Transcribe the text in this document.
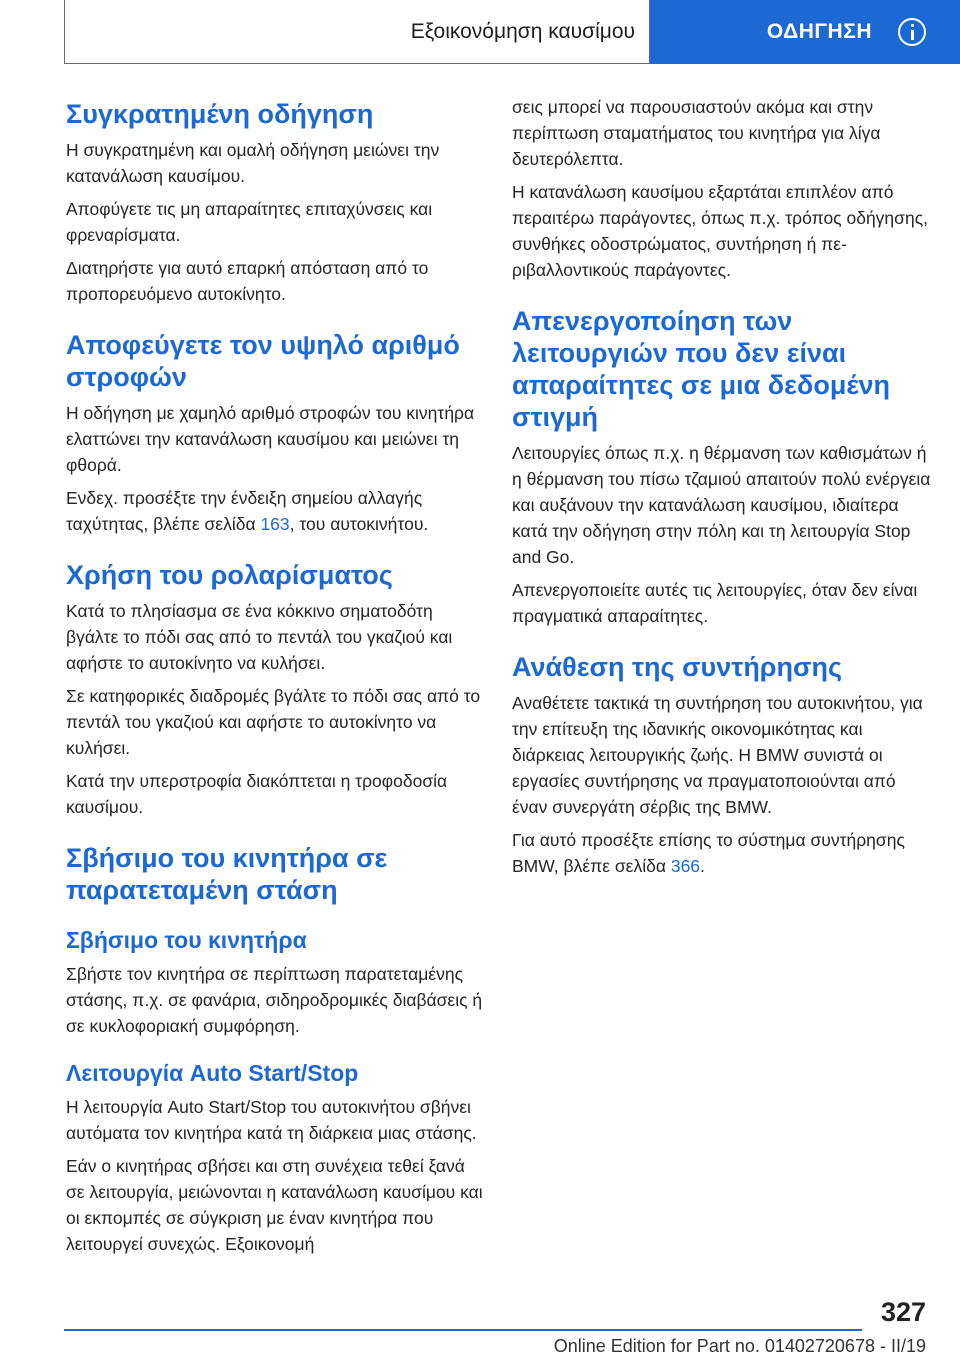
Εξοικονόμηση καυσίμου	ΟΔΗΓΗΣΗ
Συγκρατημένη οδήγηση

Η συγκρατημένη και ομαλή οδήγηση μειώνει την κατανάλωση καυσίμου.

Αποφύγετε τις μη απαραίτητες επιταχύνσεις και φρεναρίσματα.

Διατηρήστε για αυτό επαρκή απόσταση από το προπορευόμενο αυτοκίνητο.

Αποφεύγετε τον υψηλό αριθμό στροφών

Η οδήγηση με χαμηλό αριθμό στροφών του κινητήρα ελαττώνει την κατανάλωση καυσίμου και μειώνει τη φθορά.

Ενδεχ. προσέξτε την ένδειξη σημείου αλλαγής ταχύτητας, βλέπε σελίδα 163, του αυτοκινήτου.

Χρήση του ρολαρίσματος

Κατά το πλησίασμα σε ένα κόκκινο σηματοδότη βγάλτε το πόδι σας από το πεντάλ του γκαζιού και αφήστε το αυτοκίνητο να κυλήσει.

Σε κατηφορικές διαδρομές βγάλτε το πόδι σας από το πεντάλ του γκαζιού και αφήστε το αυτοκίνητο να κυλήσει.

Κατά την υπερστροφία διακόπτεται η τροφοδοσία καυσίμου.

Σβήσιμο του κινητήρα σε παρατεταμένη στάση
Σβήσιμο του κινητήρα

Σβήστε τον κινητήρα σε περίπτωση παρατεταμένης στάσης, π.χ. σε φανάρια, σιδηροδρομικές διαβάσεις ή σε κυκλοφοριακή συμφόρηση.

Λειτουργία Auto Start/Stop

Η λειτουργία Auto Start/Stop του αυτοκινήτου σβήνει αυτόματα τον κινητήρα κατά τη διάρκεια μιας στάσης.

Εάν ο κινητήρας σβήσει και στη συνέχεια τεθεί ξανά σε λειτουργία, μειώνονται η κατανάλωση καυσίμου και οι εκπομπές σε σύγκριση με έναν κινητήρα που λειτουργεί συνεχώς. Εξοικονομή

σεις μπορεί να παρουσιαστούν ακόμα και στην περίπτωση σταματήματος του κινητήρα για λίγα δευτερόλεπτα.

Η κατανάλωση καυσίμου εξαρτάται επιπλέον από περαιτέρω παράγοντες, όπως π.χ. τρόπος οδήγησης, συνθήκες οδοστρώματος, συντήρηση ή περιβαλλοντικούς παράγοντες.

Απενεργοποίηση των λειτουργιών που δεν είναι απαραίτητες σε μια δεδομένη στιγμή

Λειτουργίες όπως π.χ. η θέρμανση των καθισμάτων ή η θέρμανση του πίσω τζαμιού απαιτούν πολύ ενέργεια και αυξάνουν την κατανάλωση καυσίμου, ιδιαίτερα κατά την οδήγηση στην πόλη και τη λειτουργία Stop and Go.

Απενεργοποιείτε αυτές τις λειτουργίες, όταν δεν είναι πραγματικά απαραίτητες.

Ανάθεση της συντήρησης

Αναθέτετε τακτικά τη συντήρηση του αυτοκινήτου, για την επίτευξη της ιδανικής οικονομικότητας και διάρκειας λειτουργικής ζωής. Η BMW συνιστά οι εργασίες συντήρησης να πραγματοποιούνται από έναν συνεργάτη σέρβις της BMW.

Για αυτό προσέξτε επίσης το σύστημα συντήρησης BMW, βλέπε σελίδα 366.

327
Online Edition for Part no. 01402720678 - II/19
